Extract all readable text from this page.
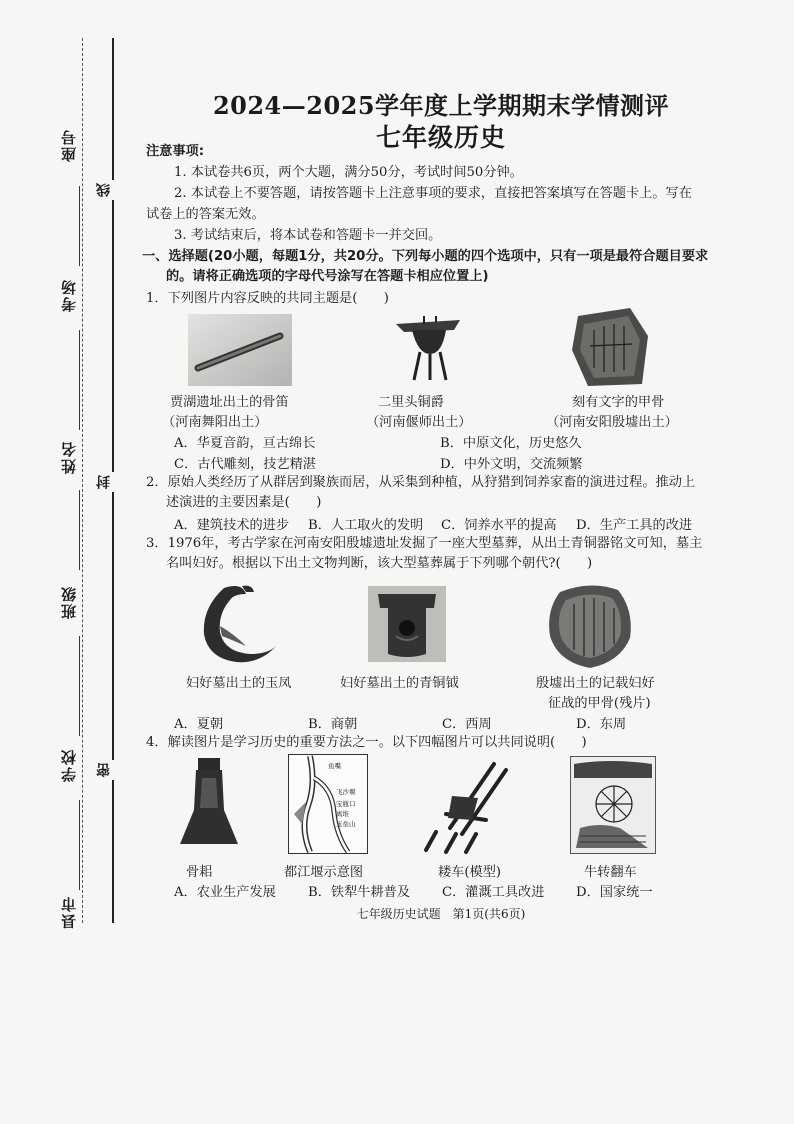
座号
考场
姓名
班级
学校
县市
线
封
密
2024—2025学年度上学期期末学情测评
七年级历史
注意事项:
1. 本试卷共6页，两个大题，满分50分，考试时间50分钟。
2. 本试卷上不要答题，请按答题卡上注意事项的要求，直接把答案填写在答题卡上。写在
试卷上的答案无效。
3. 考试结束后，将本试卷和答题卡一并交回。
一、选择题(20小题，每题1分，共20分。下列每小题的四个选项中，只有一项是最符合题目要求
的。请将正确选项的字母代号涂写在答题卡相应位置上)
1．下列图片内容反映的共同主题是(　　)
贾湖遗址出土的骨笛
（河南舞阳出土）
二里头铜爵
（河南偃师出土）
刻有文字的甲骨
（河南安阳殷墟出土）
A．华夏音韵，亘古绵长	B．中原文化，历史悠久
C．古代雕刻，技艺精湛	D．中外文明，交流频繁
2．原始人类经历了从群居到聚族而居，从采集到种植，从狩猎到饲养家畜的演进过程。推动上
述演进的主要因素是(　　)
A．建筑技术的进步 B．人工取火的发明 C．饲养水平的提高 D．生产工具的改进
3．1976年，考古学家在河南安阳殷墟遗址发掘了一座大型墓葬，从出土青铜器铭文可知，墓主
名叫妇好。根据以下出土文物判断，该大型墓葬属于下列哪个朝代?(　　)
妇好墓出土的玉凤	妇好墓出土的青铜钺	殷墟出土的记载妇好
征战的甲骨(残片)
A．夏朝	B．商朝	C．西周	D．东周
4．解读图片是学习历史的重要方法之一。以下四幅图片可以共同说明(　　)
鱼嘴
飞沙堰
宝瓶口
离堆
玉垒山
骨耜	都江堰示意图	耧车(模型)	牛转翻车
A．农业生产发展 B．铁犁牛耕普及 C．灌溉工具改进 D．国家统一
七年级历史试题　第1页(共6页)
